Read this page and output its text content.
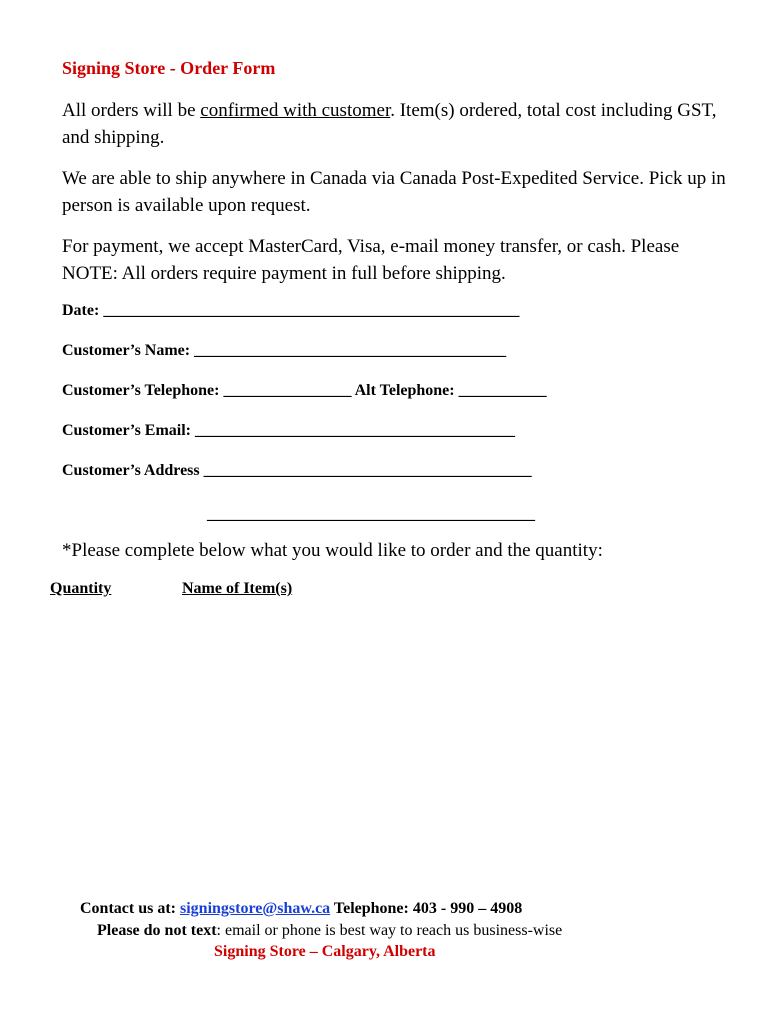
Signing Store - Order Form
All orders will be confirmed with customer. Item(s) ordered, total cost including GST, and shipping.
We are able to ship anywhere in Canada via Canada Post-Expedited Service. Pick up in person is available upon request.
For payment, we accept MasterCard, Visa, e-mail money transfer, or cash. Please NOTE: All orders require payment in full before shipping.
Date: ____________________________________________________
Customer’s Name: _______________________________________
Customer’s Telephone: ________________ Alt Telephone: ___________
Customer’s Email: ________________________________________
Customer’s Address _________________________________________
_________________________________________
*Please complete below what you would like to order and the quantity:
Quantity	Name of Item(s)
Contact us at: signingstore@shaw.ca Telephone: 403 - 990 – 4908
Please do not text: email or phone is best way to reach us business-wise
Signing Store – Calgary, Alberta
